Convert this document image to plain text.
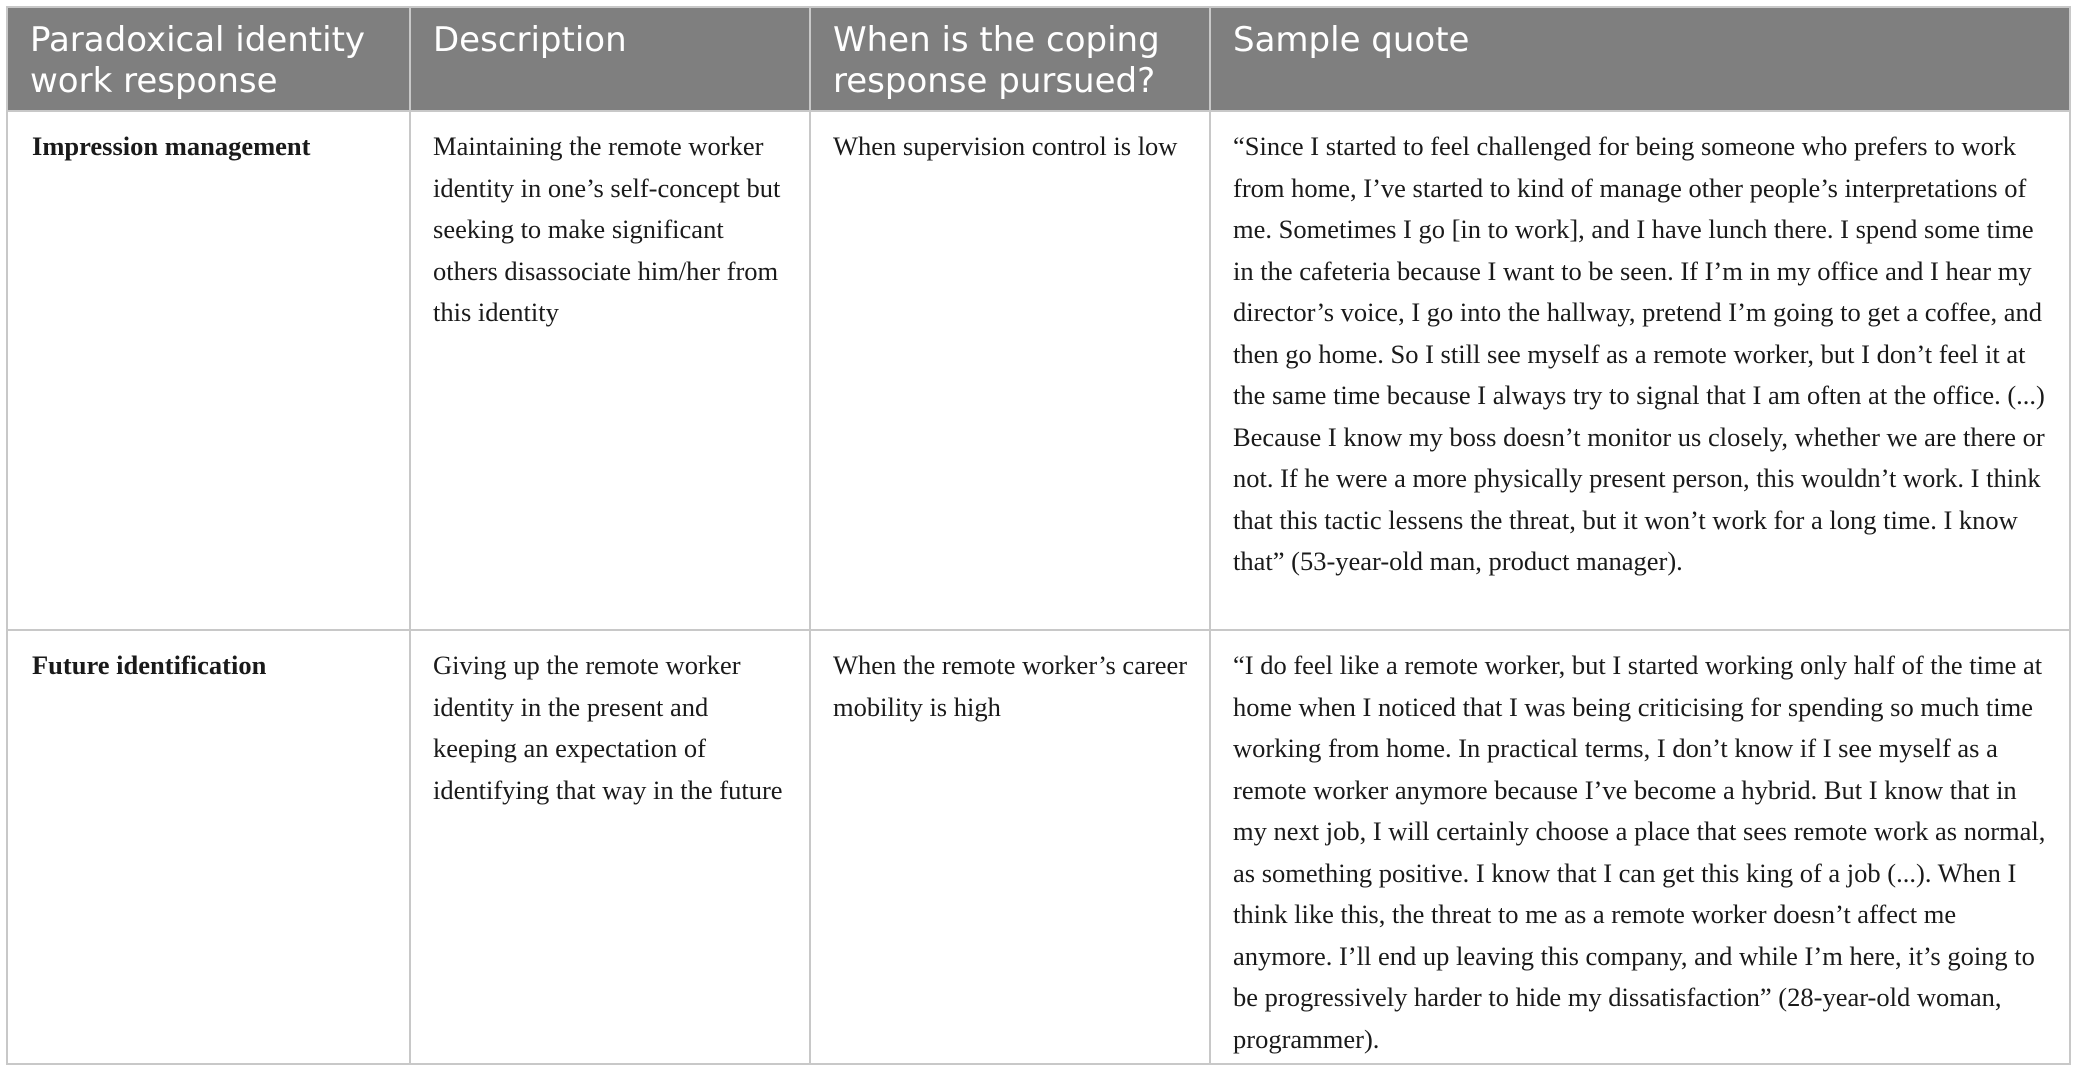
Paradoxical identity work response	Description	When is the coping response pursued?	Sample quote
Impression management	Maintaining the remote worker identity in one’s self-concept but seeking to make significant others disassociate him/her from this identity	When supervision control is low	“Since I started to feel challenged for being someone who prefers to work from home, I’ve started to kind of manage other people’s interpretations of me. Sometimes I go [in to work], and I have lunch there. I spend some time in the cafeteria because I want to be seen. If I’m in my office and I hear my director’s voice, I go into the hallway, pretend I’m going to get a coffee, and then go home. So I still see myself as a remote worker, but I don’t feel it at the same time because I always try to signal that I am often at the office. (...) Because I know my boss doesn’t monitor us closely, whether we are there or not. If he were a more physically present person, this wouldn’t work. I think that this tactic lessens the threat, but it won’t work for a long time. I know that” (53-year-old man, product manager).
Future identification	Giving up the remote worker identity in the present and keeping an expectation of identifying that way in the future	When the remote worker’s career mobility is high	“I do feel like a remote worker, but I started working only half of the time at home when I noticed that I was being criticising for spending so much time working from home. In practical terms, I don’t know if I see myself as a remote worker anymore because I’ve become a hybrid. But I know that in my next job, I will certainly choose a place that sees remote work as normal, as something positive. I know that I can get this king of a job (...). When I think like this, the threat to me as a remote worker doesn’t affect me anymore. I’ll end up leaving this company, and while I’m here, it’s going to be progressively harder to hide my dissatisfaction” (28-year-old woman, programmer).
